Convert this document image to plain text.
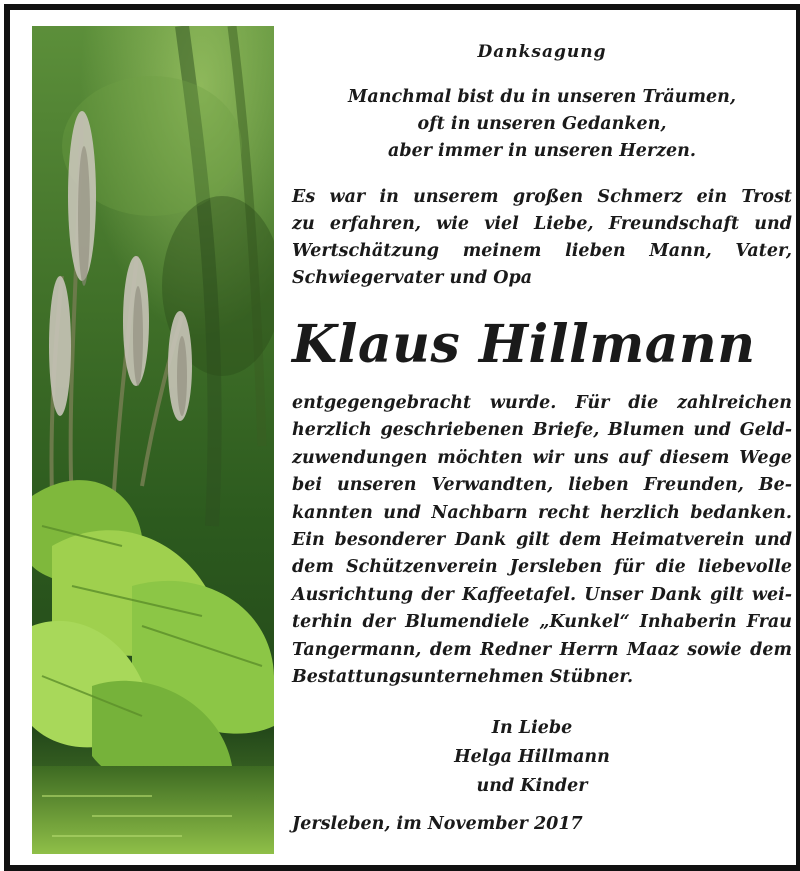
Danksagung
Manchmal bist du in unseren Träumen,
oft in unseren Gedanken,
aber immer in unseren Herzen.
Es war in unserem großen Schmerz ein Trost
zu erfahren, wie viel Liebe, Freundschaft und
Wertschätzung meinem lieben Mann, Vater,
Schwiegervater und Opa
Klaus Hillmann
entgegengebracht wurde. Für die zahlreichen
herzlich geschriebenen Briefe, Blumen und Geld-
zuwendungen möchten wir uns auf diesem Wege
bei unseren Verwandten, lieben Freunden, Be-
kannten und Nachbarn recht herzlich bedanken.
Ein besonderer Dank gilt dem Heimatverein und
dem Schützenverein Jersleben für die liebevolle
Ausrichtung der Kaffeetafel. Unser Dank gilt wei-
terhin der Blumendiele „Kunkel“ Inhaberin Frau
Tangermann, dem Redner Herrn Maaz sowie dem
Bestattungsunternehmen Stübner.
In Liebe
Helga Hillmann
und Kinder
Jersleben, im November 2017
